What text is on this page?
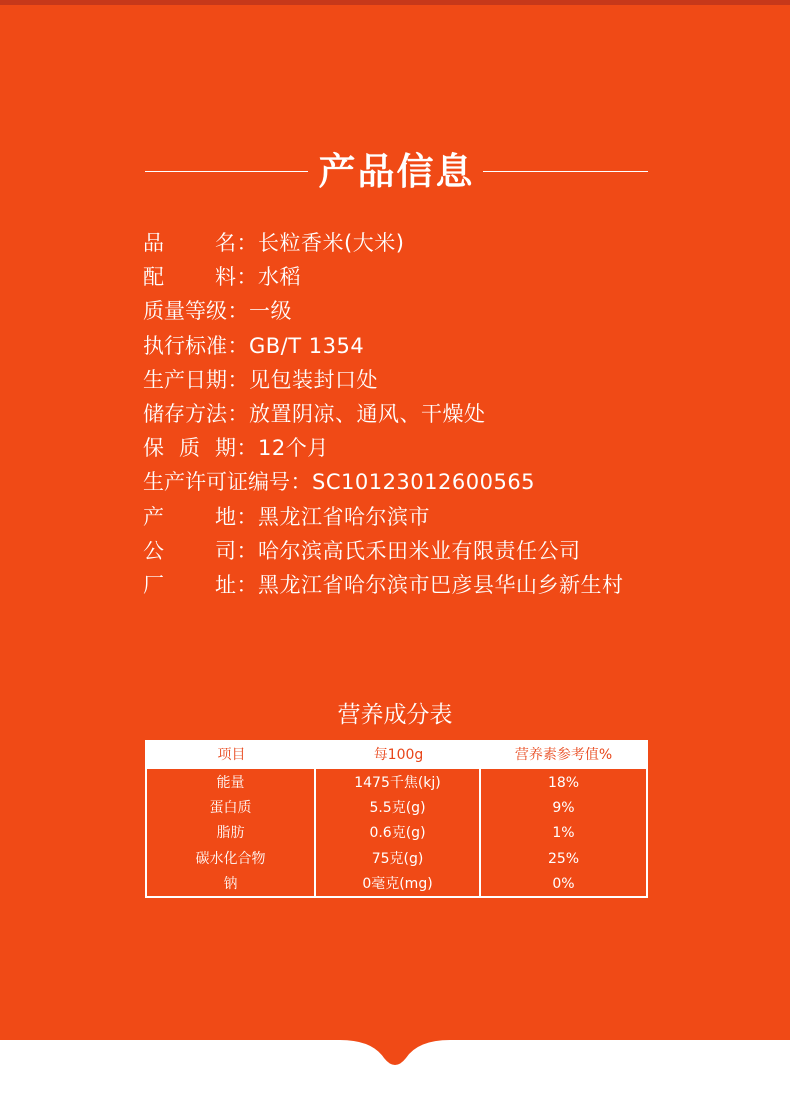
产品信息
品 名 ： 长粒香米(大米)
配 料 ： 水稻
质量等级 ： 一级
执行标准 ： GB/T 1354
生产日期 ： 见包装封口处
储存方法 ： 放置阴凉、通风、干燥处
保 质 期 ： 12个月
生产许可证编号 ： SC10123012600565
产 地 ： 黑龙江省哈尔滨市
公 司 ： 哈尔滨高氏禾田米业有限责任公司
厂 址 ： 黑龙江省哈尔滨市巴彦县华山乡新生村
营养成分表
项目	每100g	营养素参考值%
能量
蛋白质
脂肪
碳水化合物
钠
1475千焦(kj)
5.5克(g)
0.6克(g)
75克(g)
0毫克(mg)
18%
9%
1%
25%
0%
